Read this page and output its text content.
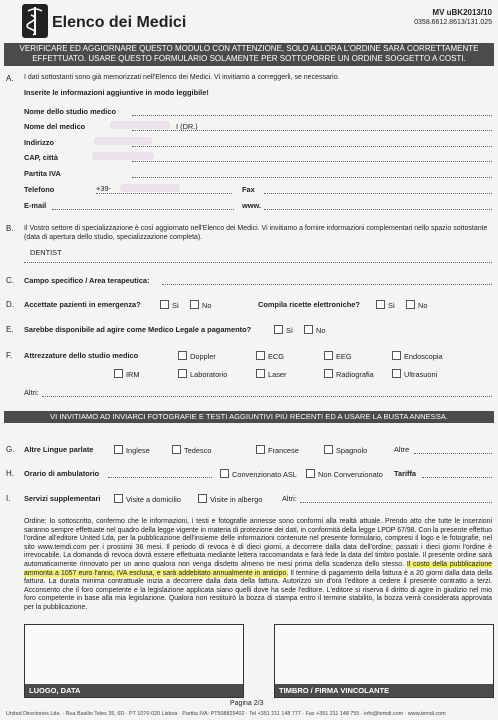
Elenco dei Medici
MV uBK2013/10
0358.6612.8613/131.025
VERIFICARE ED AGGIORNARE QUESTO MODULO CON ATTENZIONE, SOLO ALLORA L'ORDINE SARÀ CORRETTAMENTE EFFETTUATO. USARE QUESTO FORMULARIO SOLAMENTE PER SOTTOPORRE UN ORDINE SOGGETTO A COSTI.
A. I dati sottostanti sono già memorizzati nell'Elenco dei Medici. Vi invitiamo a correggerli, se necessario.
Inserite le informazioni aggiuntive in modo leggibile!
Nome dello studio medico
Nome del medico	I (DR.)
Indirizzo
CAP, città
Partita IVA
Telefono	+39-	Fax
E-mail	www.
B. Il Vostro settore di specializzazione è così aggiornato nell'Elenco dei Medici. Vi invitiamo a fornire informazioni complementari nello spazio sottostante (data di apertura dello studio, specializzazione completa).
DENTIST
C. Campo specifico / Area terapeutica:
D. Accettate pazienti in emergenza?	Sì	No	Compila ricette elettroniche?	Sì	No
E. Sarebbe disponibile ad agire come Medico Legale a pagamento?	Sì	No
F. Attrezzature dello studio medico	Doppler	ECG	EEG	Endoscopia
IRM	Laboratorio	Laser	Radiografia	Ultrasuoni
Altri:
VI INVITIAMO AD INVIARCI FOTOGRAFIE E TESTI AGGIUNTIVI PIÙ RECENTI ED A USARE LA BUSTA ANNESSA.
G. Altre Lingue parlate	Inglese	Tedesco	Francese	Spagnolo	Altre
H. Orario di ambulatorio	Convenzionato ASL	Non Convenzionato Tariffa
I. Servizi supplementari	Visite a domicilio	Visite in albergo	Altri:
Ordine: Io sottoscritto, confermo che le informazioni, i testi e fotografie annesse sono conformi alla realtà attuale. Prendo atto che tutte le inserzioni saranno sempre effettuate nel quadro della legge vigente in materia di protezione dei dati, in conformità della legge LPDP 67/98. Con la presente effettuo l'ordine all'editore United Lda, per la pubblicazione dell'insieme delle informazioni contenute nel presente formulario, compresi il logo e le fotografie, nel sito www.temdi.com per i prossimi 36 mesi. Il periodo di revoca è di dieci giorni, a decorrere dalla data dell'ordine; passati i dieci giorni l'ordine è irrevocabile. La domanda di revoca dovrà essere effettuata mediante lettera raccomandata e farà fede la data del timbro postale. Il presente ordine sarà automaticamente rinnovato per un anno qualora non venga disdetto almeno tre mesi prima della scadenza dello stesso. Il costo della pubblicazione ammonta a 1057 euro l'anno, IVA esclusa, e sarà addebitato annualmente in anticipo. Il termine di pagamento della fattura è a 20 giorni dalla data della fattura. La durata minima contrattuale inizia a decorrere dalla data della fattura. Autorizzo sin d'ora l'editore a cedere il presente contratto a terzi. Acconsento che il foro competente e la legislazione applicata siano quelli dove ha sede l'editore. L'editore si riserva il diritto di agire in giudizio nel mio foro competente in base alla mia legislazione. Qualora non restituirò la bozza di stampa entro il termine stabilito, la bozza verrà considerata approvata per la pubblicazione.
LUOGO, DATA	TIMBRO / FIRMA VINCOLANTE
Pagina 2/3
United Directories Lda. · Rua Basilio Teles 35, 6D · PT 1070-020 Lisboa · Partita IVA: PT508829402 · Tel +351 211 148 777 · Fax +351 211 148 755 · info@temdi.com · www.temdi.com
